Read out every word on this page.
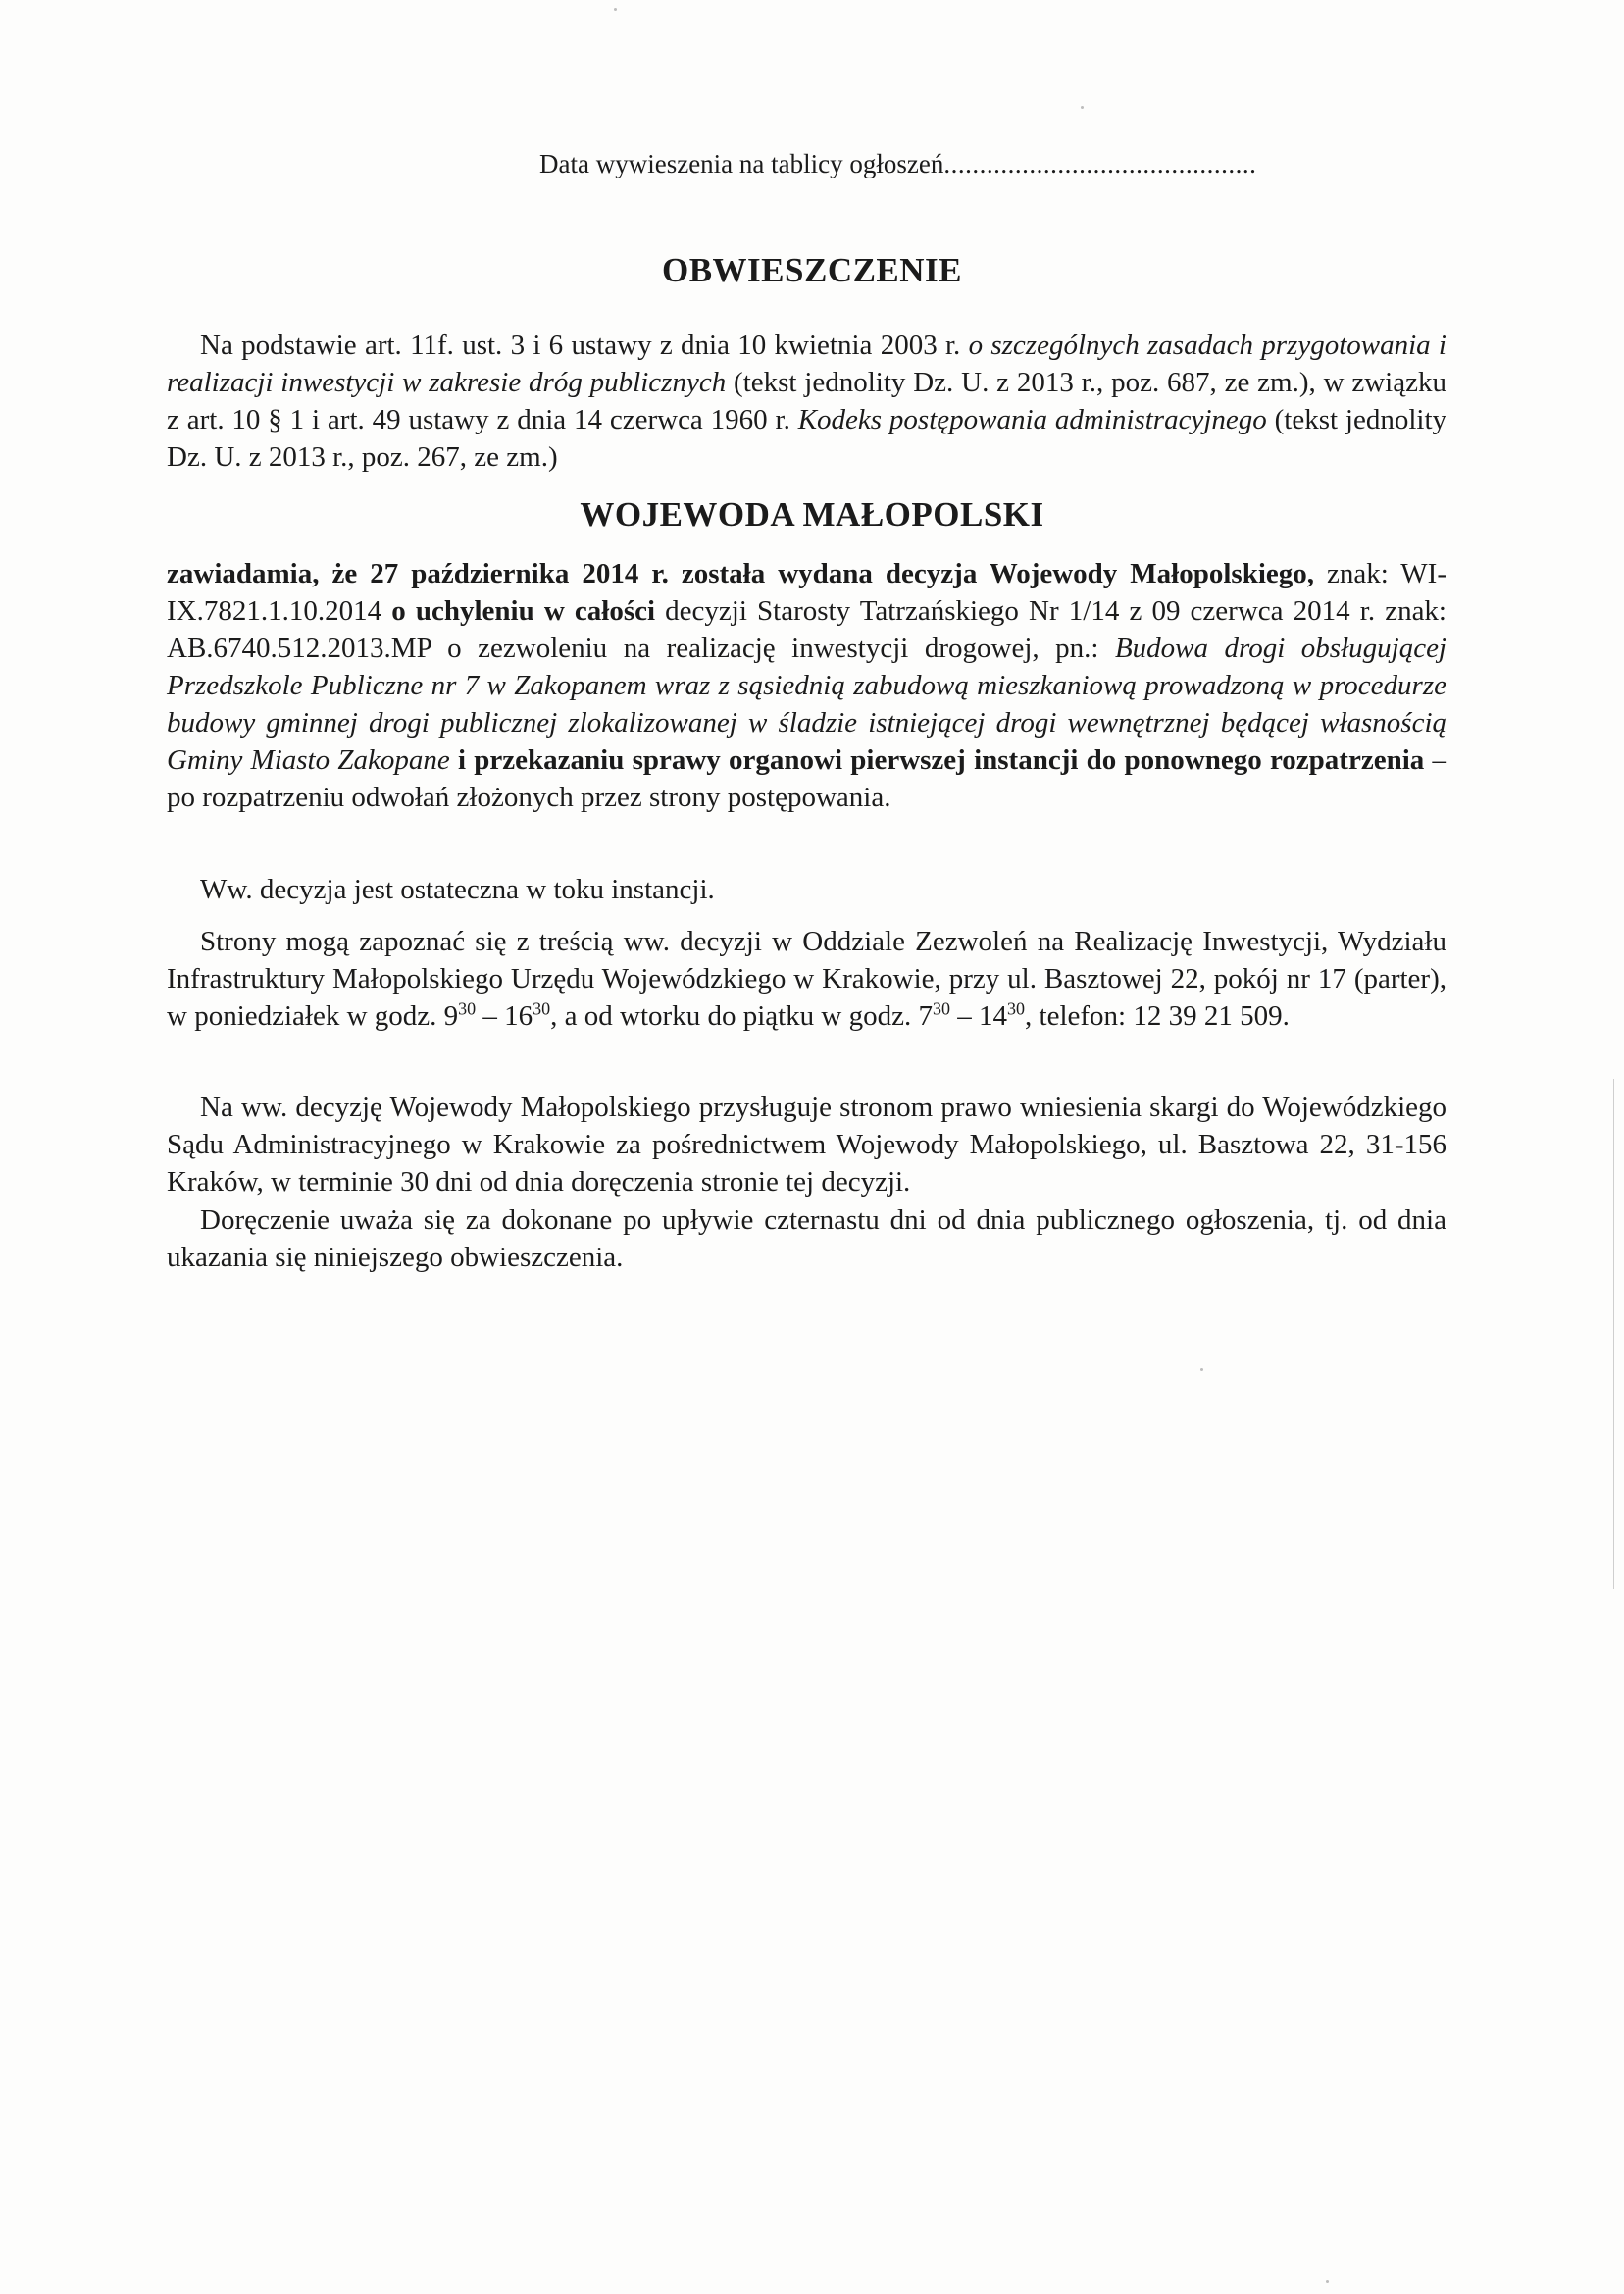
Data wywieszenia na tablicy ogłoszeń............................................
OBWIESZCZENIE

Na podstawie art. 11f. ust. 3 i 6 ustawy z dnia 10 kwietnia 2003 r. o szczególnych zasadach przygotowania i realizacji inwestycji w zakresie dróg publicznych (tekst jednolity Dz. U. z 2013 r., poz. 687, ze zm.), w związku z art. 10 § 1 i art. 49 ustawy z dnia 14 czerwca 1960 r. Kodeks postępowania administracyjnego (tekst jednolity Dz. U. z 2013 r., poz. 267, ze zm.)

WOJEWODA MAŁOPOLSKI

zawiadamia, że 27 października 2014 r. została wydana decyzja Wojewody Małopolskiego, znak: WI-IX.7821.1.10.2014 o uchyleniu w całości decyzji Starosty Tatrzańskiego Nr 1/14 z 09 czerwca 2014 r. znak: AB.6740.512.2013.MP o zezwoleniu na realizację inwestycji drogowej, pn.: Budowa drogi obsługującej Przedszkole Publiczne nr 7 w Zakopanem wraz z sąsiednią zabudową mieszkaniową prowadzoną w procedurze budowy gminnej drogi publicznej zlokalizowanej w śladzie istniejącej drogi wewnętrznej będącej własnością Gminy Miasto Zakopane i przekazaniu sprawy organowi pierwszej instancji do ponownego rozpatrzenia – po rozpatrzeniu odwołań złożonych przez strony postępowania.

Ww. decyzja jest ostateczna w toku instancji.

Strony mogą zapoznać się z treścią ww. decyzji w Oddziale Zezwoleń na Realizację Inwestycji, Wydziału Infrastruktury Małopolskiego Urzędu Wojewódzkiego w Krakowie, przy ul. Basztowej 22, pokój nr 17 (parter), w poniedziałek w godz. $9^{30} - 16^{30}$, a od wtorku do piątku w godz. $7^{30} - 14^{30}$, telefon: 12 39 21 509.

Na ww. decyzję Wojewody Małopolskiego przysługuje stronom prawo wniesienia skargi do Wojewódzkiego Sądu Administracyjnego w Krakowie za pośrednictwem Wojewody Małopolskiego, ul. Basztowa 22, 31-156 Kraków, w terminie 30 dni od dnia doręczenia stronie tej decyzji.

Doręczenie uważa się za dokonane po upływie czternastu dni od dnia publicznego ogłoszenia, tj. od dnia ukazania się niniejszego obwieszczenia.
